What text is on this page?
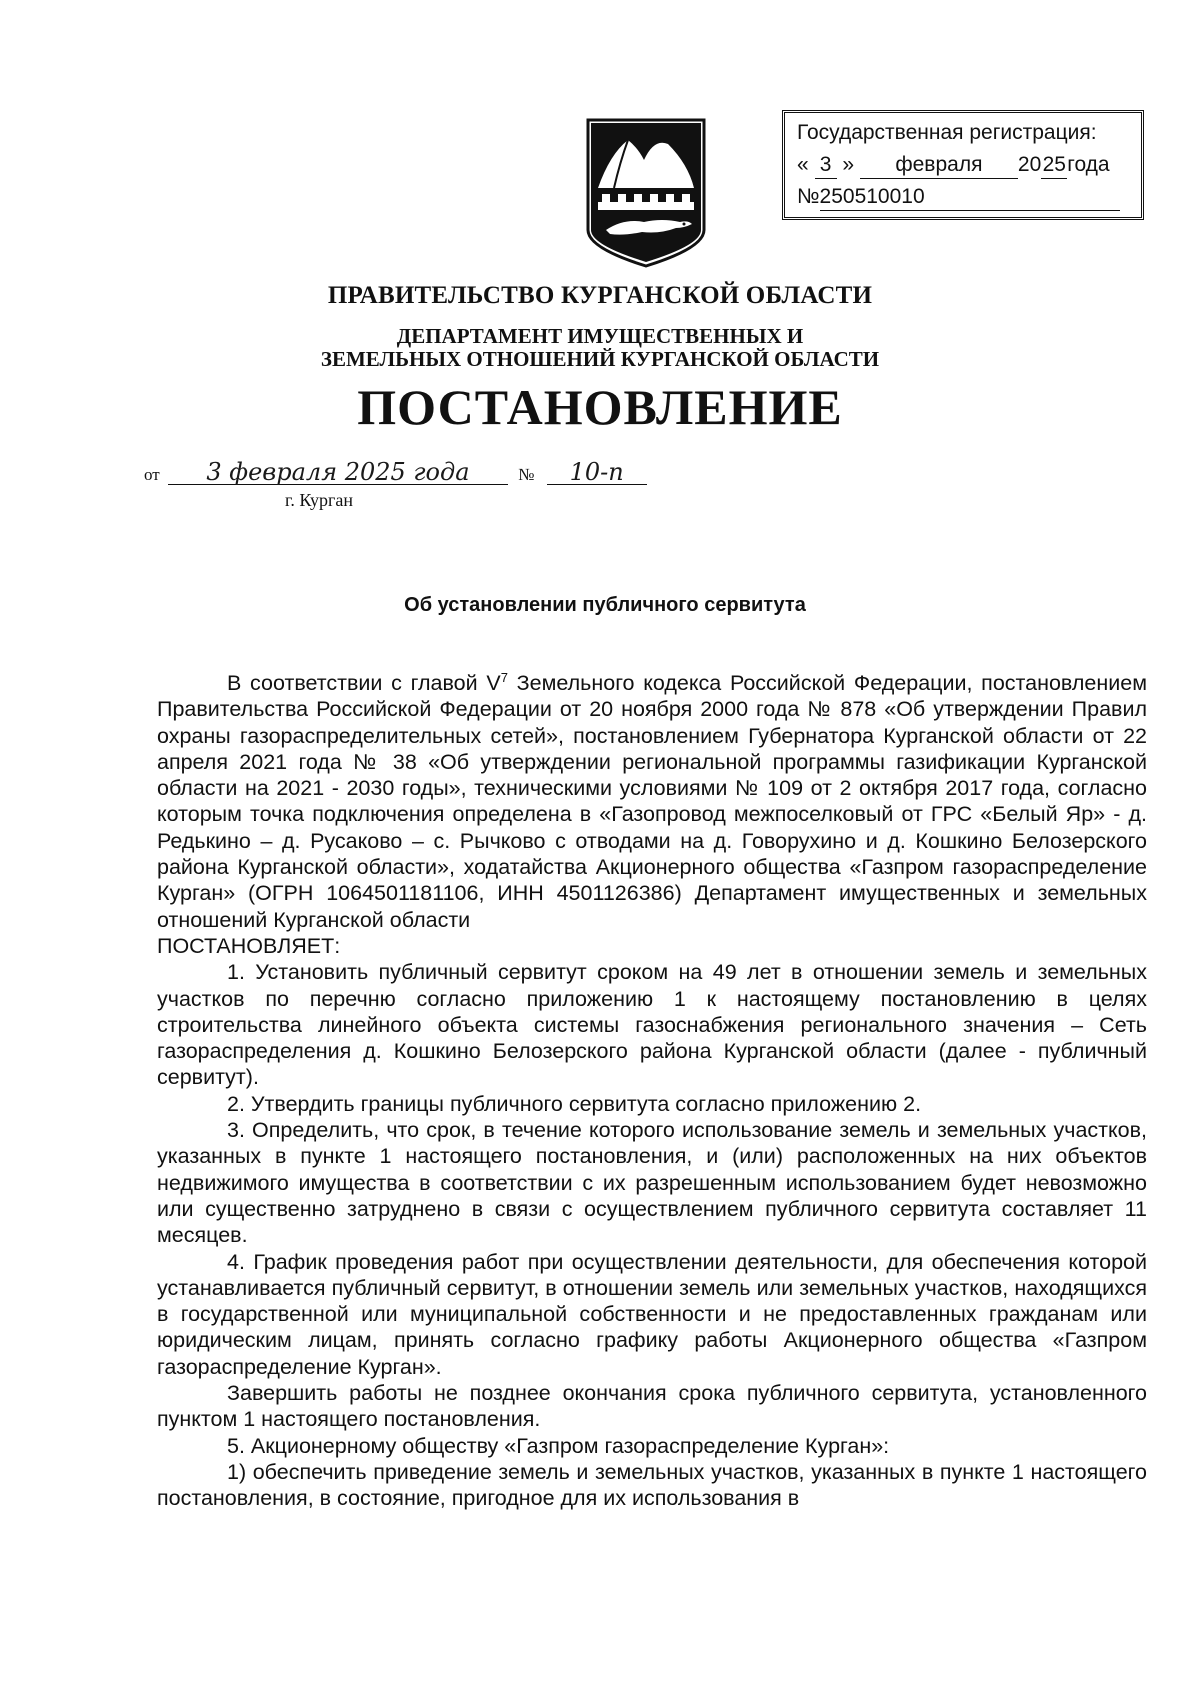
Государственная регистрация:
« 3 » февраля 2025года
№250510010
ПРАВИТЕЛЬСТВО КУРГАНСКОЙ ОБЛАСТИ
ДЕПАРТАМЕНТ ИМУЩЕСТВЕННЫХ И
ЗЕМЕЛЬНЫХ ОТНОШЕНИЙ КУРГАНСКОЙ ОБЛАСТИ
ПОСТАНОВЛЕНИЕ
от 3 февраля 2025 года	№ 10-п
г. Курган
Об установлении публичного сервитута

В соответствии с главой $V^7$ Земельного кодекса Российской Федерации, постановлением Правительства Российской Федерации от 20 ноября 2000 года № 878 «Об утверждении Правил охраны газораспределительных сетей», постановлением Губернатора Курганской области от 22 апреля 2021 года № 38 «Об утверждении региональной программы газификации Курганской области на 2021 - 2030 годы», техническими условиями № 109 от 2 октября 2017 года, согласно которым точка подключения определена в «Газопровод межпоселковый от ГРС «Белый Яр» - д. Редькино – д. Русаково – с. Рычково с отводами на д. Говорухино и д. Кошкино Белозерского района Курганской области», ходатайства Акционерного общества «Газпром газораспределение Курган» (ОГРН 1064501181106, ИНН 4501126386) Департамент имущественных и земельных отношений Курганской области

ПОСТАНОВЛЯЕТ:

1. Установить публичный сервитут сроком на 49 лет в отношении земель и земельных участков по перечню согласно приложению 1 к настоящему постановлению в целях строительства линейного объекта системы газоснабжения регионального значения – Сеть газораспределения д. Кошкино Белозерского района Курганской области (далее - публичный сервитут).

2. Утвердить границы публичного сервитута согласно приложению 2.

3. Определить, что срок, в течение которого использование земель и земельных участков, указанных в пункте 1 настоящего постановления, и (или) расположенных на них объектов недвижимого имущества в соответствии с их разрешенным использованием будет невозможно или существенно затруднено в связи с осуществлением публичного сервитута составляет 11 месяцев.

4. График проведения работ при осуществлении деятельности, для обеспечения которой устанавливается публичный сервитут, в отношении земель или земельных участков, находящихся в государственной или муниципальной собственности и не предоставленных гражданам или юридическим лицам, принять согласно графику работы Акционерного общества «Газпром газораспределение Курган».

Завершить работы не позднее окончания срока публичного сервитута, установленного пунктом 1 настоящего постановления.

5. Акционерному обществу «Газпром газораспределение Курган»:

1) обеспечить приведение земель и земельных участков, указанных в пункте 1 настоящего постановления, в состояние, пригодное для их использования в
